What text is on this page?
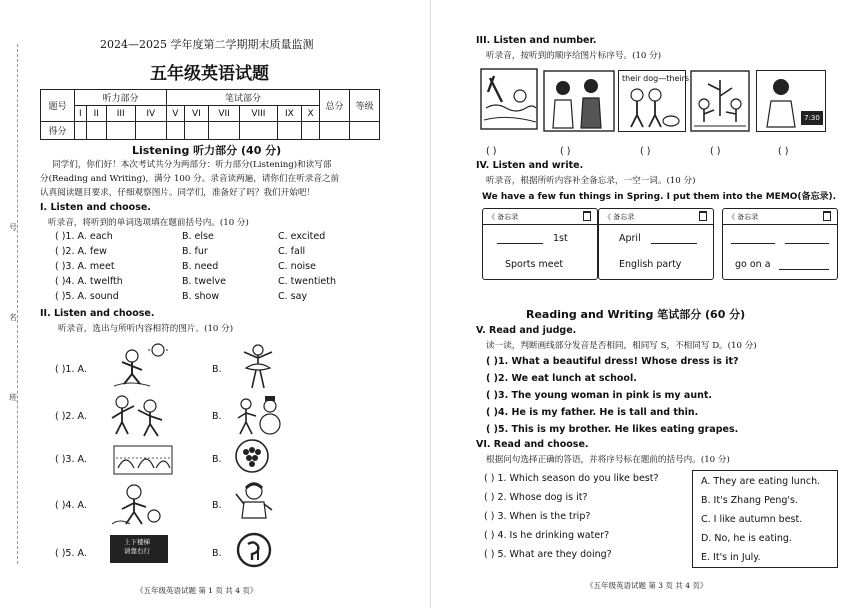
号
名
班
2024—2025 学年度第二学期期末质量监测
五年级英语试题
题号	听力部分				笔试部分						总分	等级
	I	II	III	IV	V	VI	VII	VIII	IX	X		
得分												
Listening 听力部分 (40 分)
同学们，你们好！本次考试共分为两部分：听力部分(Listening)和读写部
分(Reading and Writing)，满分 100 分。录音读两遍，请你们在听录音之前
认真阅读题目要求，仔细观察图片。同学们，准备好了吗？我们开始吧！
I. Listen and choose.
听录音，将听到的单词选项填在题前括号内。(10 分)
( )1. A. each	B. else	C. excited
( )2. A. few	B. fur	C. fall
( )3. A. meet	B. need	C. noise
( )4. A. twelfth	B. twelve	C. twentieth
( )5. A. sound	B. show	C. say
II. Listen and choose.
听录音，选出与所听内容相符的图片。(10 分)
( )1. A.	B.
( )2. A.	B.
( )3. A.	B.
( )4. A.	B.
( )5. A.	B.
上下楼梯
请靠右行
《五年级英语试题 第 1 页 共 4 页》
III. Listen and number.
听录音，按听到的顺序给图片标序号。(10 分)
their dog—theirs
7:30
( )	( )	( )	( )	( )
IV. Listen and write.
听录音，根据所听内容补全备忘录，一空一词。(10 分)
We have a few fun things in Spring. I put them into the MEMO(备忘录).
《 备忘录
1st
Sports meet
《 备忘录
April
English party
《 备忘录
go on a
Reading and Writing 笔试部分 (60 分)
V. Read and judge.
读一读，判断画线部分发音是否相同，相同写 S，不相同写 D。(10 分)
( )1. What a beautiful dress! Whose dress is it?
( )2. We eat lunch at school.
( )3. The young woman in pink is my aunt.
( )4. He is my father. He is tall and thin.
( )5. This is my brother. He likes eating grapes.
VI. Read and choose.
根据问句选择正确的答语，并将序号标在题前的括号内。(10 分)
( ) 1. Which season do you like best?
( ) 2. Whose dog is it?
( ) 3. When is the trip?
( ) 4. Is he drinking water?
( ) 5. What are they doing?
A. They are eating lunch.
B. It's Zhang Peng's.
C. I like autumn best.
D. No, he is eating.
E. It's in July.
《五年级英语试题 第 3 页 共 4 页》
